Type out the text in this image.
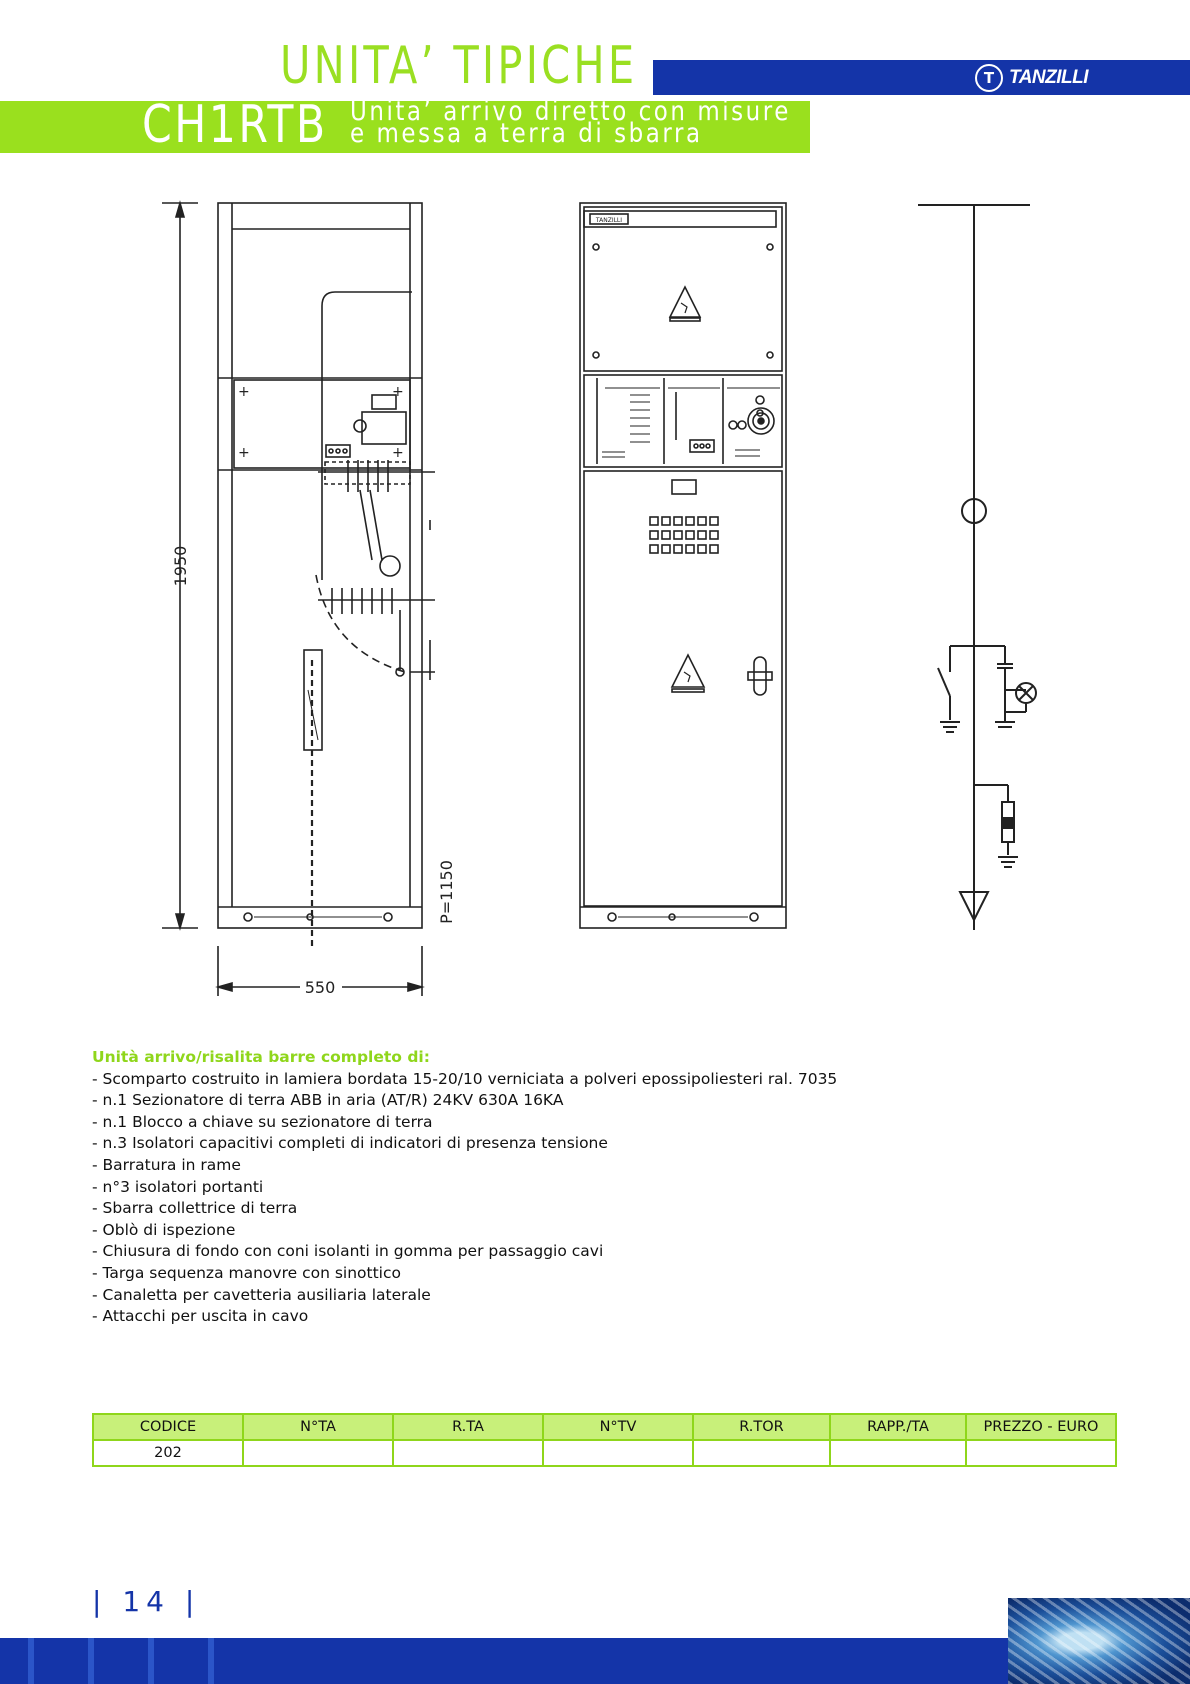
UNITA’ TIPICHE	T TANZILLI
CH1RTB Unita’ arrivo diretto con misure
e messa a terra di sbarra
1950
+	+
+	+
P=1150
550
TANZILLI
Unità arrivo/risalita barre completo di:
- Scomparto costruito in lamiera bordata 15-20/10 verniciata a polveri epossipoliesteri ral. 7035
- n.1 Sezionatore di terra ABB in aria (AT/R) 24KV 630A 16KA
- n.1 Blocco a chiave su sezionatore di terra
- n.3 Isolatori capacitivi completi di indicatori di presenza tensione
- Barratura in rame
- n°3 isolatori portanti
- Sbarra collettrice di terra
- Oblò di ispezione
- Chiusura di fondo con coni isolanti in gomma per passaggio cavi
- Targa sequenza manovre con sinottico
- Canaletta per cavetteria ausiliaria laterale
- Attacchi per uscita in cavo
CODICE	N°TA	R.TA	N°TV	R.TOR	RAPP./TA	PREZZO - EURO
202						
| 14 |
